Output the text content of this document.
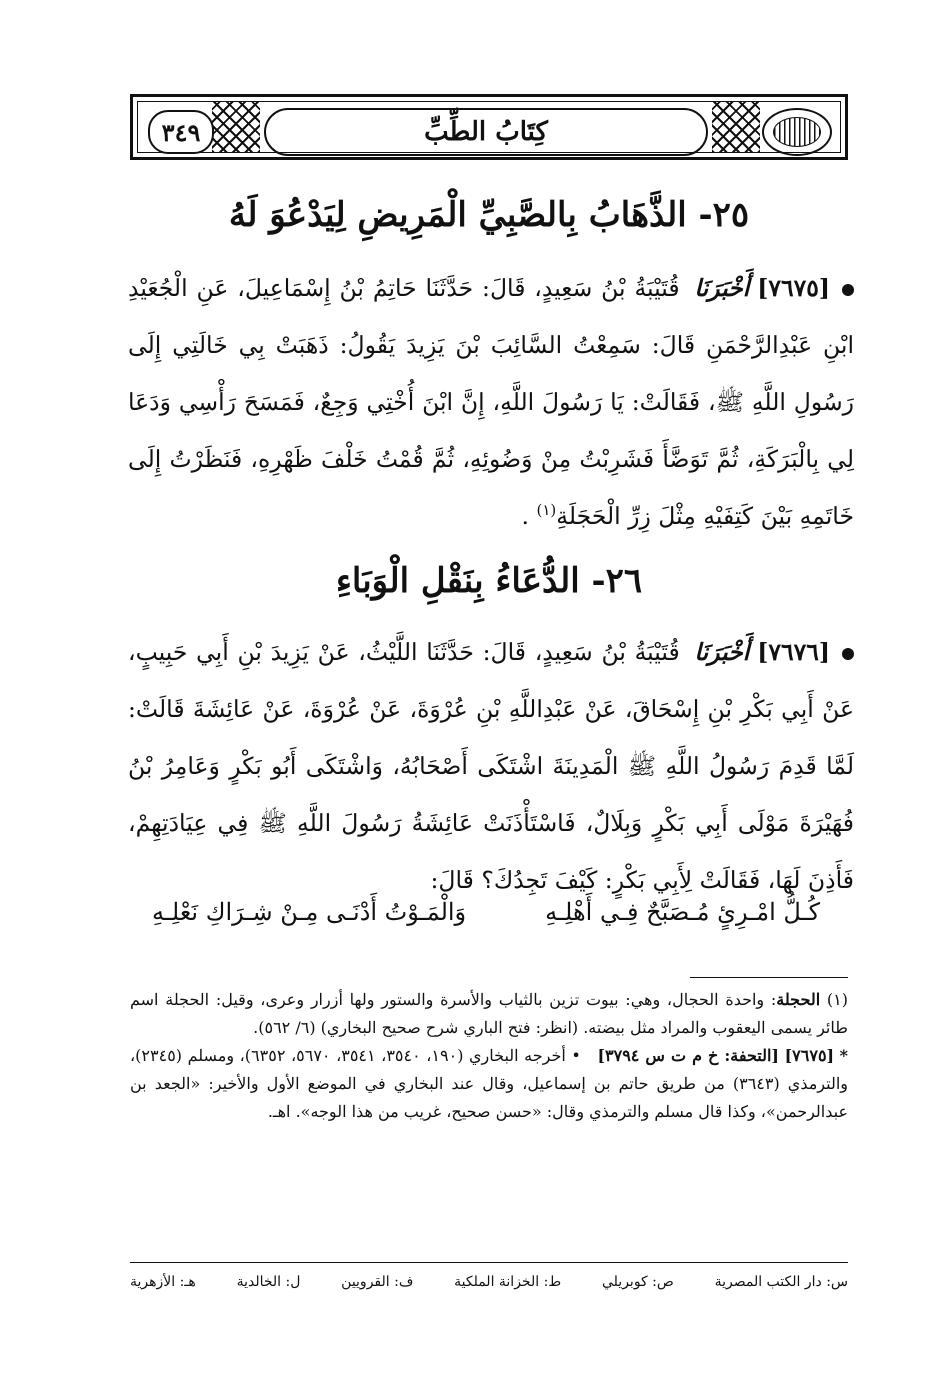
٣٤٩	كِتَابُ الطِّبِّ
٢٥- الذَّهَابُ بِالصَّبِيِّ الْمَرِيضِ لِيَدْعُوَ لَهُ
[٧٦٧٥]أَخْبَرَنَا قُتَيْبَةُ بْنُ سَعِيدٍ، قَالَ: حَدَّثَنَا حَاتِمُ بْنُ إِسْمَاعِيلَ، عَنِ الْجُعَيْدِ ابْنِ عَبْدِالرَّحْمَنِ قَالَ: سَمِعْتُ السَّائِبَ بْنَ يَزِيدَ يَقُولُ: ذَهَبَتْ بِي خَالَتِي إِلَى رَسُولِ اللَّهِ ﷺ، فَقَالَتْ: يَا رَسُولَ اللَّهِ، إِنَّ ابْنَ أُخْتِي وَجِعٌ، فَمَسَحَ رَأْسِي وَدَعَا لِي بِالْبَرَكَةِ، ثُمَّ تَوَضَّأَ فَشَرِبْتُ مِنْ وَضُوئِهِ، ثُمَّ قُمْتُ خَلْفَ ظَهْرِهِ، فَنَظَرْتُ إِلَى خَاتَمِهِ بَيْنَ كَتِفَيْهِ مِثْلَ زِرِّ الْحَجَلَةِ$^{(١)}$ .
٢٦- الدُّعَاءُ بِنَقْلِ الْوَبَاءِ
[٧٦٧٦]أَخْبَرَنَا قُتَيْبَةُ بْنُ سَعِيدٍ، قَالَ: حَدَّثَنَا اللَّيْثُ، عَنْ يَزِيدَ بْنِ أَبِي حَبِيبٍ، عَنْ أَبِي بَكْرِ بْنِ إِسْحَاقَ، عَنْ عَبْدِاللَّهِ بْنِ عُرْوَةَ، عَنْ عُرْوَةَ، عَنْ عَائِشَةَ قَالَتْ: لَمَّا قَدِمَ رَسُولُ اللَّهِ ﷺ الْمَدِينَةَ اشْتَكَى أَصْحَابُهُ، وَاشْتَكَى أَبُو بَكْرٍ وَعَامِرُ بْنُ فُهَيْرَةَ مَوْلَى أَبِي بَكْرٍ وَبِلَالٌ، فَاسْتَأْذَنَتْ عَائِشَةُ رَسُولَ اللَّهِ ﷺ فِي عِيَادَتِهِمْ، فَأَذِنَ لَهَا، فَقَالَتْ لِأَبِي بَكْرٍ: كَيْفَ تَجِدُكَ؟ قَالَ:
كُـلُّ امْـرِئٍ مُـصَبَّحٌ فِـي أَهْلِـهِ
وَالْمَـوْتُ أَدْنَـى مِـنْ شِـرَاكِ نَعْلِـهِ

(١) الحجلة: واحدة الحجال، وهي: بيوت تزين بالثياب والأسرة والستور ولها أزرار وعرى، وقيل: الحجلة اسم طائر يسمى اليعقوب والمراد مثل بيضته. (انظر: فتح الباري شرح صحيح البخاري) (٦/ ٥٦٢).

* [٧٦٧٥] [التحفة: خ م ت س ٣٧٩٤]   • أخرجه البخاري (١٩٠، ٣٥٤٠، ٣٥٤١، ٥٦٧٠، ٦٣٥٢)، ومسلم (٢٣٤٥)، والترمذي (٣٦٤٣) من طريق حاتم بن إسماعيل، وقال عند البخاري في الموضع الأول والأخير: «الجعد بن عبدالرحمن»، وكذا قال مسلم والترمذي وقال: «حسن صحيح، غريب من هذا الوجه». اهـ.

س: دار الكتب المصرية
ص: كوبريلي
ط: الخزانة الملكية
ف: القرويين
ل: الخالدية
هـ: الأزهرية
